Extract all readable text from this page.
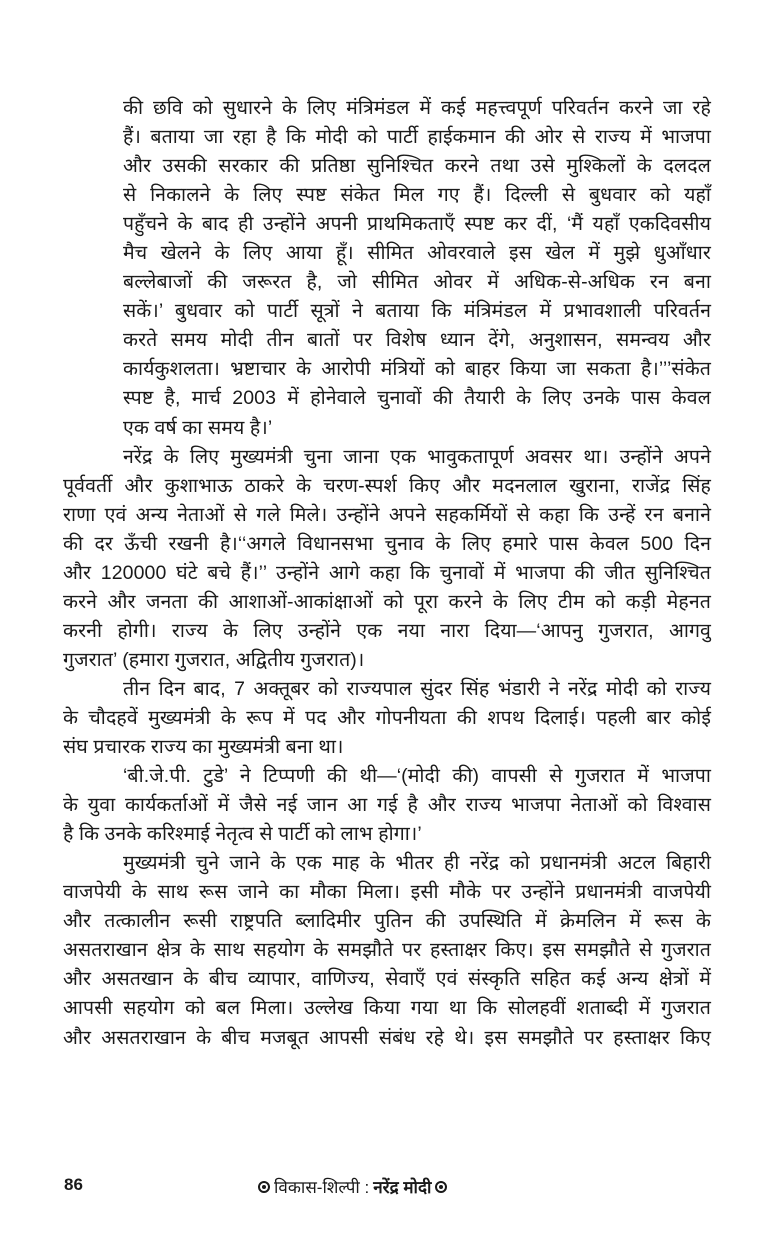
की छवि को सुधारने के लिए मंत्रिमंडल में कई महत्त्वपूर्ण परिवर्तन करने जा रहे
हैं। बताया जा रहा है कि मोदी को पार्टी हाईकमान की ओर से राज्य में भाजपा
और उसकी सरकार की प्रतिष्ठा सुनिश्चित करने तथा उसे मुश्किलों के दलदल
से निकालने के लिए स्पष्ट संकेत मिल गए हैं। दिल्ली से बुधवार को यहाँ
पहुँचने के बाद ही उन्होंने अपनी प्राथमिकताएँ स्पष्ट कर दीं, ‘मैं यहाँ एकदिवसीय
मैच खेलने के लिए आया हूँ। सीमित ओवरवाले इस खेल में मुझे धुआँधार
बल्लेबाजों की जरूरत है, जो सीमित ओवर में अधिक-से-अधिक रन बना
सकें।’ बुधवार को पार्टी सूत्रों ने बताया कि मंत्रिमंडल में प्रभावशाली परिवर्तन
करते समय मोदी तीन बातों पर विशेष ध्यान देंगे, अनुशासन, समन्वय और
कार्यकुशलता। भ्रष्टाचार के आरोपी मंत्रियों को बाहर किया जा सकता है।’’’संकेत
स्पष्ट है, मार्च 2003 में होनेवाले चुनावों की तैयारी के लिए उनके पास केवल
एक वर्ष का समय है।’
नरेंद्र के लिए मुख्यमंत्री चुना जाना एक भावुकतापूर्ण अवसर था। उन्होंने अपने
पूर्ववर्ती और कुशाभाऊ ठाकरे के चरण-स्पर्श किए और मदनलाल खुराना, राजेंद्र सिंह
राणा एवं अन्य नेताओं से गले मिले। उन्होंने अपने सहकर्मियों से कहा कि उन्हें रन बनाने
की दर ऊँची रखनी है।‘‘अगले विधानसभा चुनाव के लिए हमारे पास केवल 500 दिन
और 120000 घंटे बचे हैं।’’ उन्होंने आगे कहा कि चुनावों में भाजपा की जीत सुनिश्चित
करने और जनता की आशाओं-आकांक्षाओं को पूरा करने के लिए टीम को कड़ी मेहनत
करनी होगी। राज्य के लिए उन्होंने एक नया नारा दिया—‘आपनु गुजरात, आगवु
गुजरात’ (हमारा गुजरात, अद्वितीय गुजरात)।
तीन दिन बाद, 7 अक्तूबर को राज्यपाल सुंदर सिंह भंडारी ने नरेंद्र मोदी को राज्य
के चौदहवें मुख्यमंत्री के रूप में पद और गोपनीयता की शपथ दिलाई। पहली बार कोई
संघ प्रचारक राज्य का मुख्यमंत्री बना था।
‘बी.जे.पी. टुडे’ ने टिप्पणी की थी—‘(मोदी की) वापसी से गुजरात में भाजपा
के युवा कार्यकर्ताओं में जैसे नई जान आ गई है और राज्य भाजपा नेताओं को विश्वास
है कि उनके करिश्माई नेतृत्व से पार्टी को लाभ होगा।’
मुख्यमंत्री चुने जाने के एक माह के भीतर ही नरेंद्र को प्रधानमंत्री अटल बिहारी
वाजपेयी के साथ रूस जाने का मौका मिला। इसी मौके पर उन्होंने प्रधानमंत्री वाजपेयी
और तत्कालीन रूसी राष्ट्रपति ब्लादिमीर पुतिन की उपस्थिति में क्रेमलिन में रूस के
असतराखान क्षेत्र के साथ सहयोग के समझौते पर हस्ताक्षर किए। इस समझौते से गुजरात
और असतखान के बीच व्यापार, वाणिज्य, सेवाएँ एवं संस्कृति सहित कई अन्य क्षेत्रों में
आपसी सहयोग को बल मिला। उल्लेख किया गया था कि सोलहवीं शताब्दी में गुजरात
और असतराखान के बीच मजबूत आपसी संबंध रहे थे। इस समझौते पर हस्ताक्षर किए
86	विकास-शिल्पी : नरेंद्र मोदी
